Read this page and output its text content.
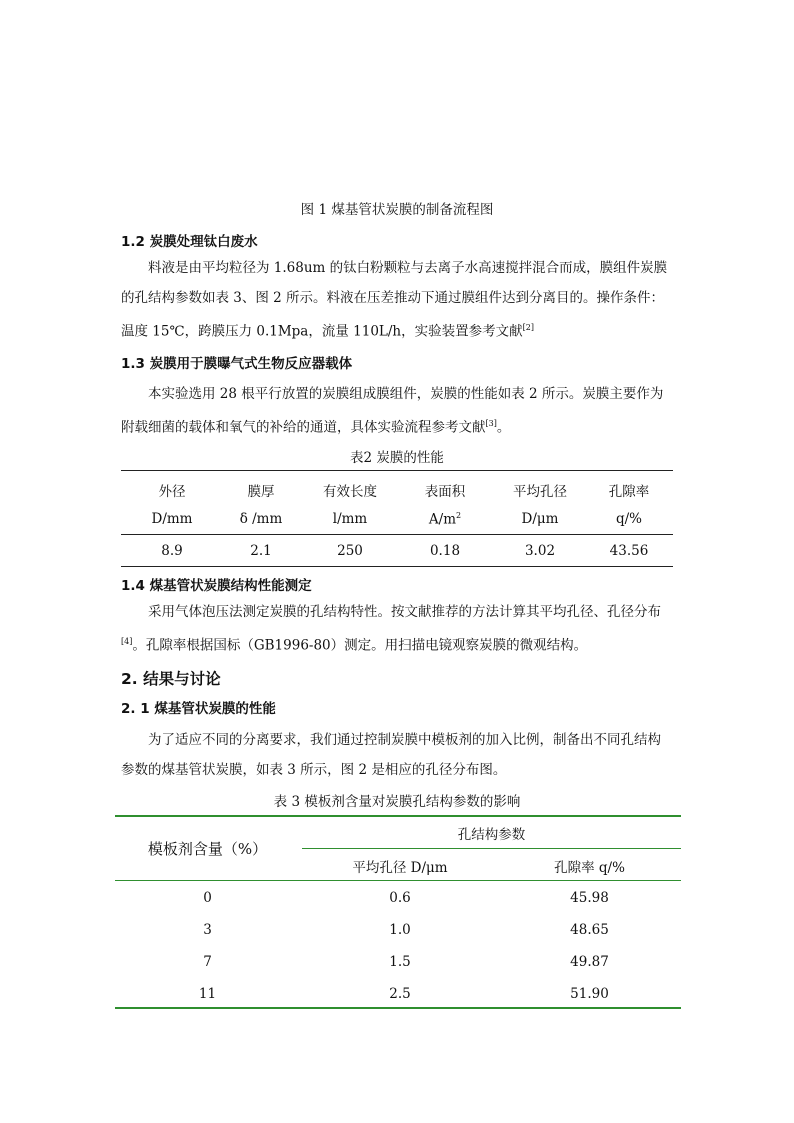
图 1 煤基管状炭膜的制备流程图
1.2 炭膜处理钛白废水

料液是由平均粒径为 1.68um 的钛白粉颗粒与去离子水高速搅拌混合而成，膜组件炭膜

的孔结构参数如表 3、图 2 所示。料液在压差推动下通过膜组件达到分离目的。操作条件：

温度 15℃，跨膜压力 0.1Mpa，流量 110L/h，实验装置参考文献[2]

1.3 炭膜用于膜曝气式生物反应器载体

本实验选用 28 根平行放置的炭膜组成膜组件，炭膜的性能如表 2 所示。炭膜主要作为

附载细菌的载体和氧气的补给的通道，具体实验流程参考文献[3]。

表2 炭膜的性能
外径	膜厚	有效长度	表面积	平均孔径	孔隙率
D/mm	δ /mm	l/mm	$A/m^2$	D/μm	q/%
8.9	2.1	250	0.18	3.02	43.56
1.4 煤基管状炭膜结构性能测定

采用气体泡压法测定炭膜的孔结构特性。按文献推荐的方法计算其平均孔径、孔径分布

[4]。孔隙率根据国标（GB1996-80）测定。用扫描电镜观察炭膜的微观结构。

2. 结果与讨论
2. 1 煤基管状炭膜的性能

为了适应不同的分离要求，我们通过控制炭膜中模板剂的加入比例，制备出不同孔结构

参数的煤基管状炭膜，如表 3 所示，图 2 是相应的孔径分布图。

表 3 模板剂含量对炭膜孔结构参数的影响
模板剂含量（%）
孔结构参数
平均孔径 D/μm	孔隙率 q/%
0	0.6	45.98
3	1.0	48.65
7	1.5	49.87
11	2.5	51.90
